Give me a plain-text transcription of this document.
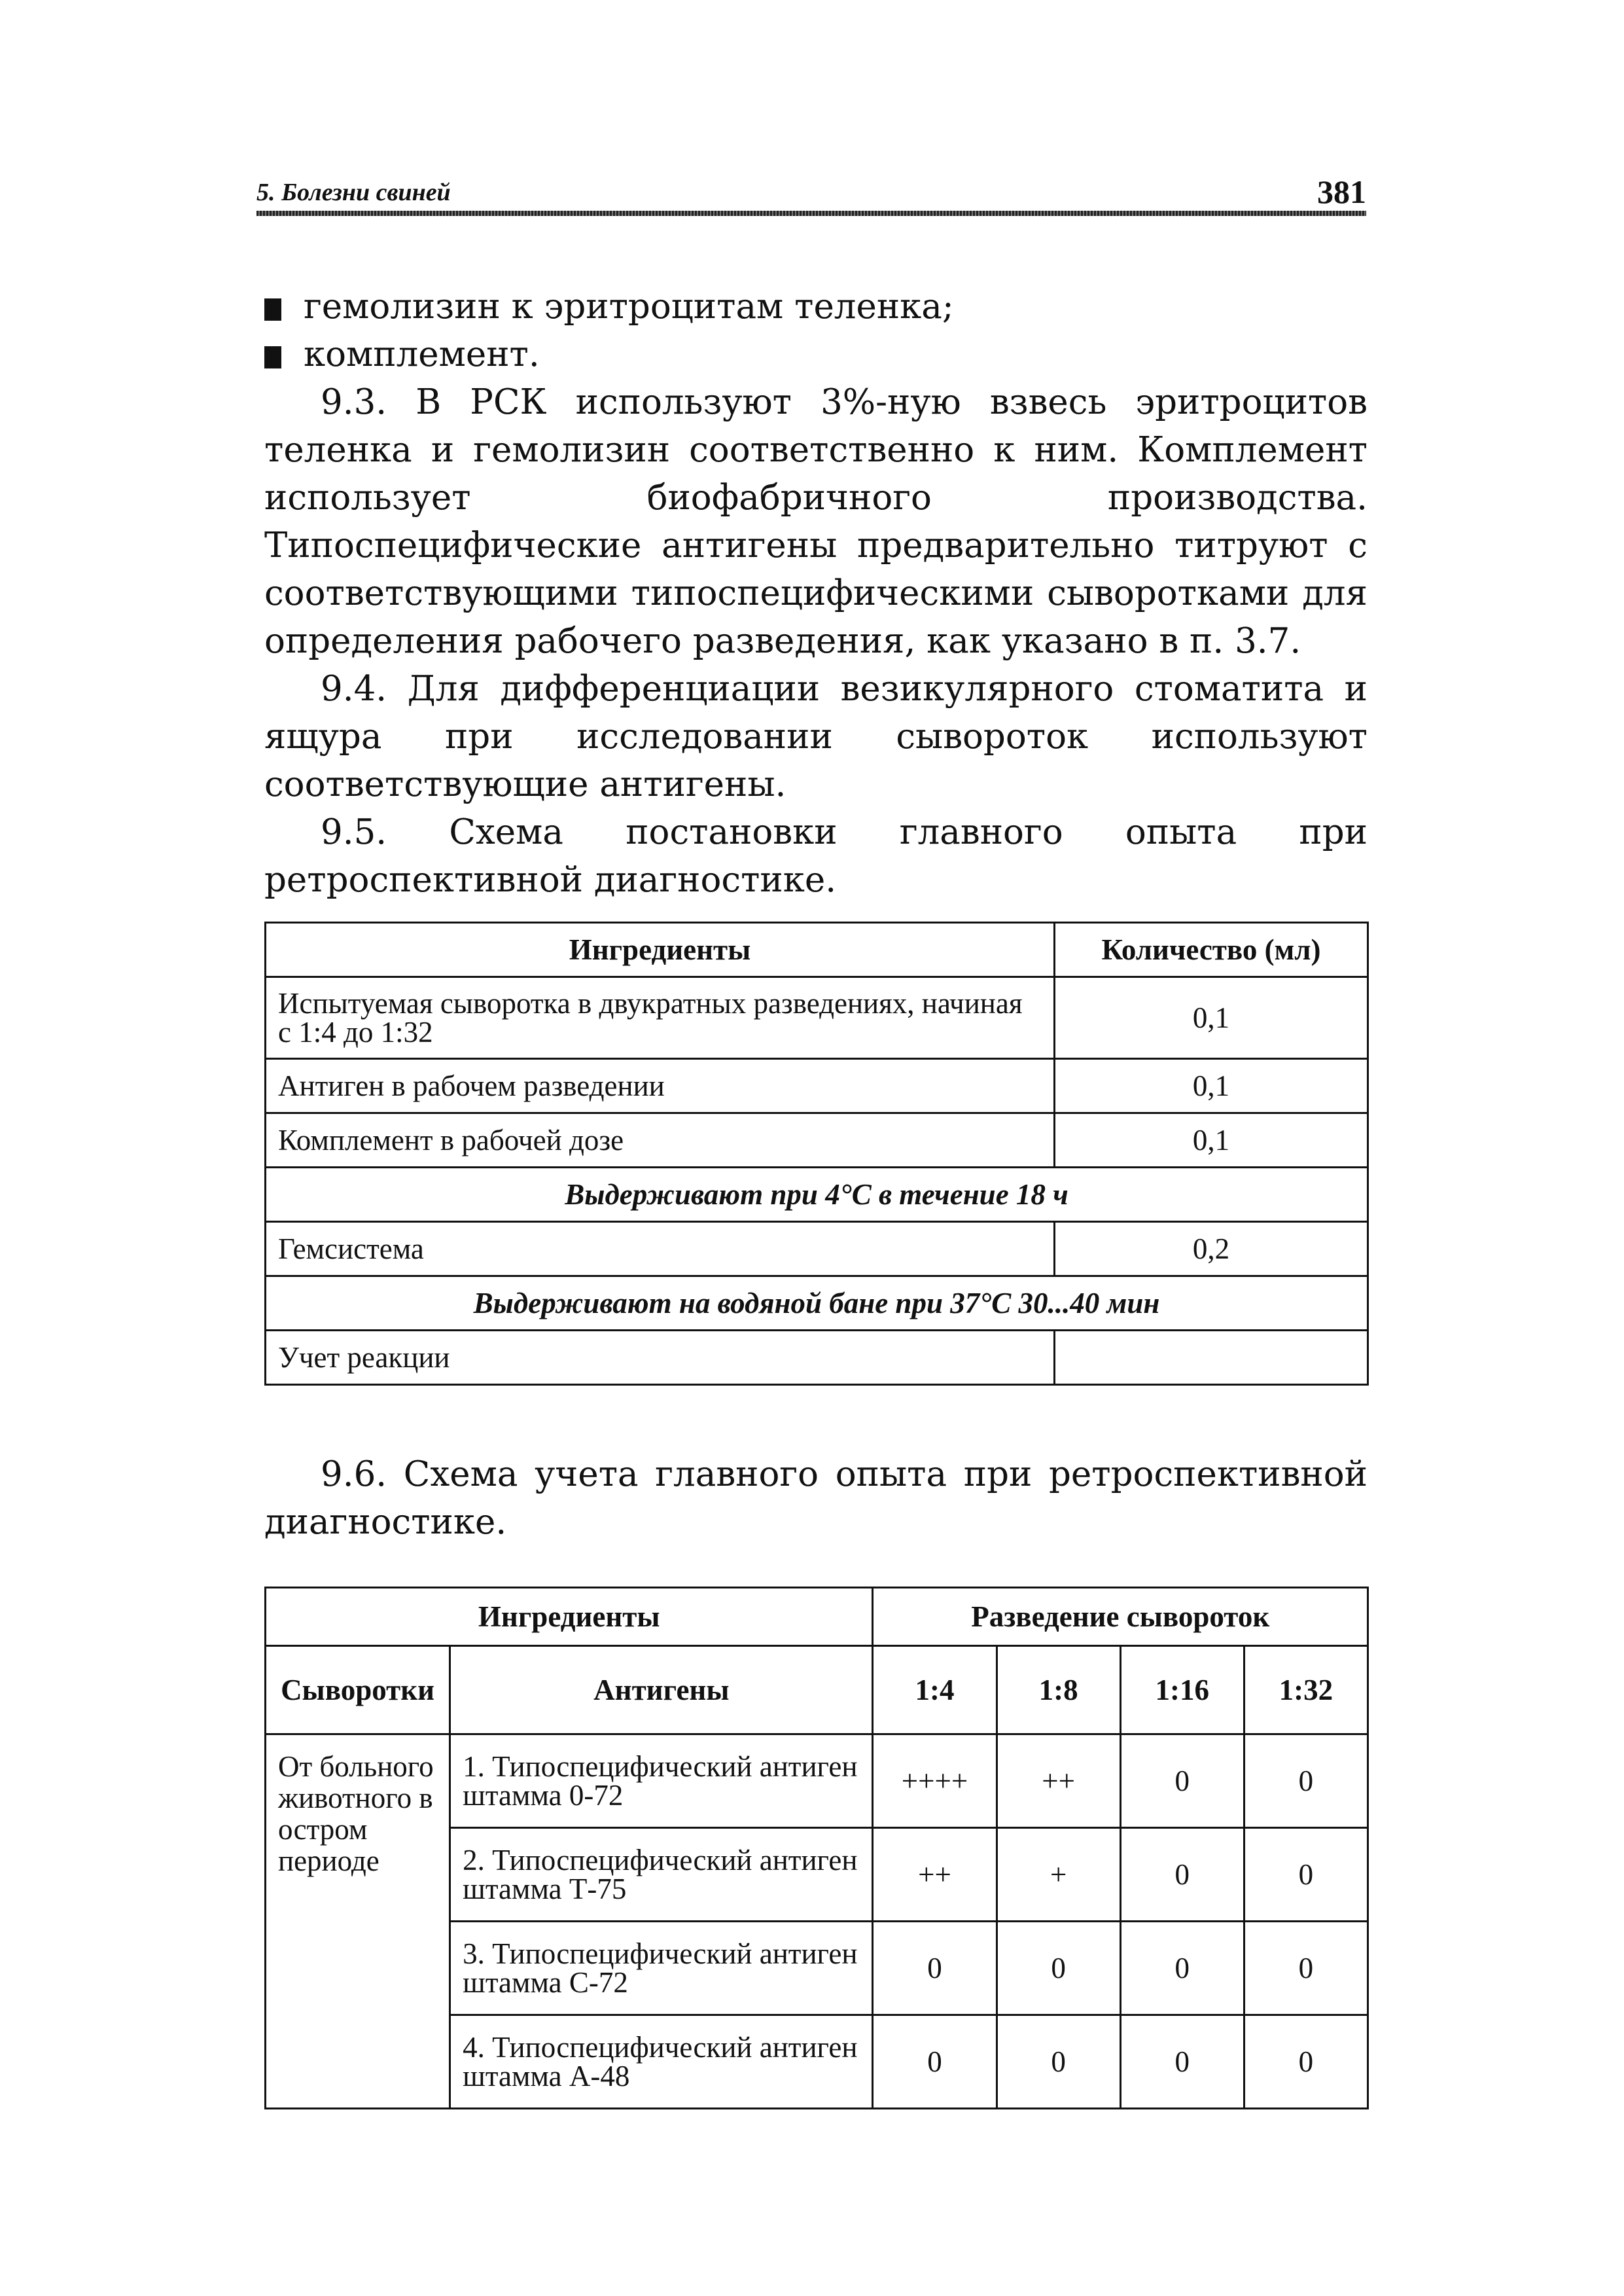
5. Болезни свиней	381
гемолизин к эритроцитам теленка;
комплемент.

9.3. В РСК используют 3%-ную взвесь эритроцитов теленка и гемолизин соответственно к ним. Комплемент использует биофабричного производства. Типоспецифические антигены предварительно титруют с соответствующими типоспецифическими сыворотками для определения рабочего разведения, как указано в п. 3.7.

9.4. Для дифференциации везикулярного стоматита и ящура при исследовании сывороток используют соответствующие антигены.

9.5. Схема постановки главного опыта при ретроспективной диагностике.

Ингредиенты	Количество (мл)
Испытуемая сыворотка в двукратных разведениях, начиная с 1:4 до 1:32	0,1
Антиген в рабочем разведении	0,1
Комплемент в рабочей дозе	0,1
Выдерживают при 4°С в течение 18 ч	
Гемсистема	0,2
Выдерживают на водяной бане при 37°С 30...40 мин	
Учет реакции	

9.6. Схема учета главного опыта при ретроспективной диагностике.

Ингредиенты		Разведение сывороток			
Сыворотки	Антигены	1:4	1:8	1:16	1:32
От больного животного в остром периоде	1. Типоспецифический антиген штамма 0-72	++++	++	0	0
	2. Типоспецифический антиген штамма Т-75	++	+	0	0
	3. Типоспецифический антиген штамма С-72	0	0	0	0
	4. Типоспецифический антиген штамма А-48	0	0	0	0
